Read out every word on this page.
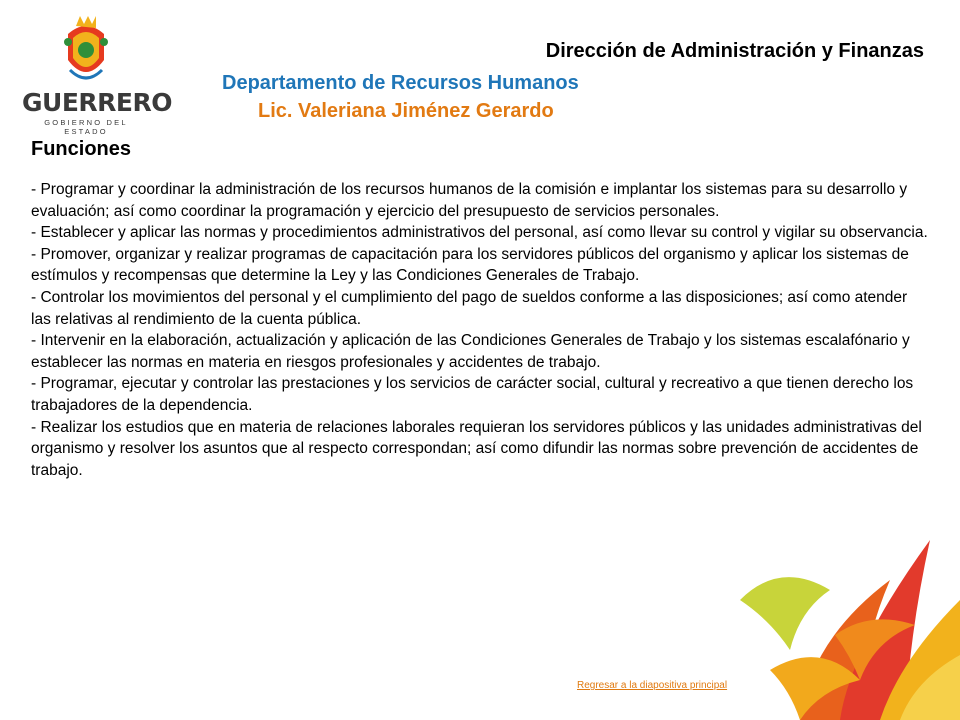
GUERRERO
GOBIERNO DEL ESTADO
Dirección de Administración y Finanzas
Departamento de Recursos Humanos
Lic. Valeriana Jiménez Gerardo
Funciones

- Programar y coordinar la administración de los recursos humanos de la comisión e implantar los sistemas para su desarrollo y evaluación; así como coordinar la programación y ejercicio del presupuesto de servicios personales.

- Establecer y aplicar las normas y procedimientos administrativos del personal, así como llevar su control y vigilar su observancia.

- Promover, organizar y realizar programas de capacitación para los servidores públicos del organismo y aplicar los sistemas de estímulos y recompensas que determine la Ley y las Condiciones Generales de Trabajo.

- Controlar los movimientos del personal y el cumplimiento del pago de sueldos conforme a las disposiciones; así como atender las relativas al rendimiento de la cuenta pública.

- Intervenir en la elaboración, actualización y aplicación de las Condiciones Generales de Trabajo y los sistemas escalafónario y establecer las normas en materia en riesgos profesionales y accidentes de trabajo.

- Programar, ejecutar y controlar las prestaciones y los servicios de carácter social, cultural y recreativo a que tienen derecho los trabajadores de la dependencia.

- Realizar los estudios que en materia de relaciones laborales requieran los servidores públicos y las unidades administrativas del organismo y resolver los asuntos que al respecto correspondan; así como difundir las normas sobre prevención de accidentes de trabajo.

Regresar a la diapositiva principal
